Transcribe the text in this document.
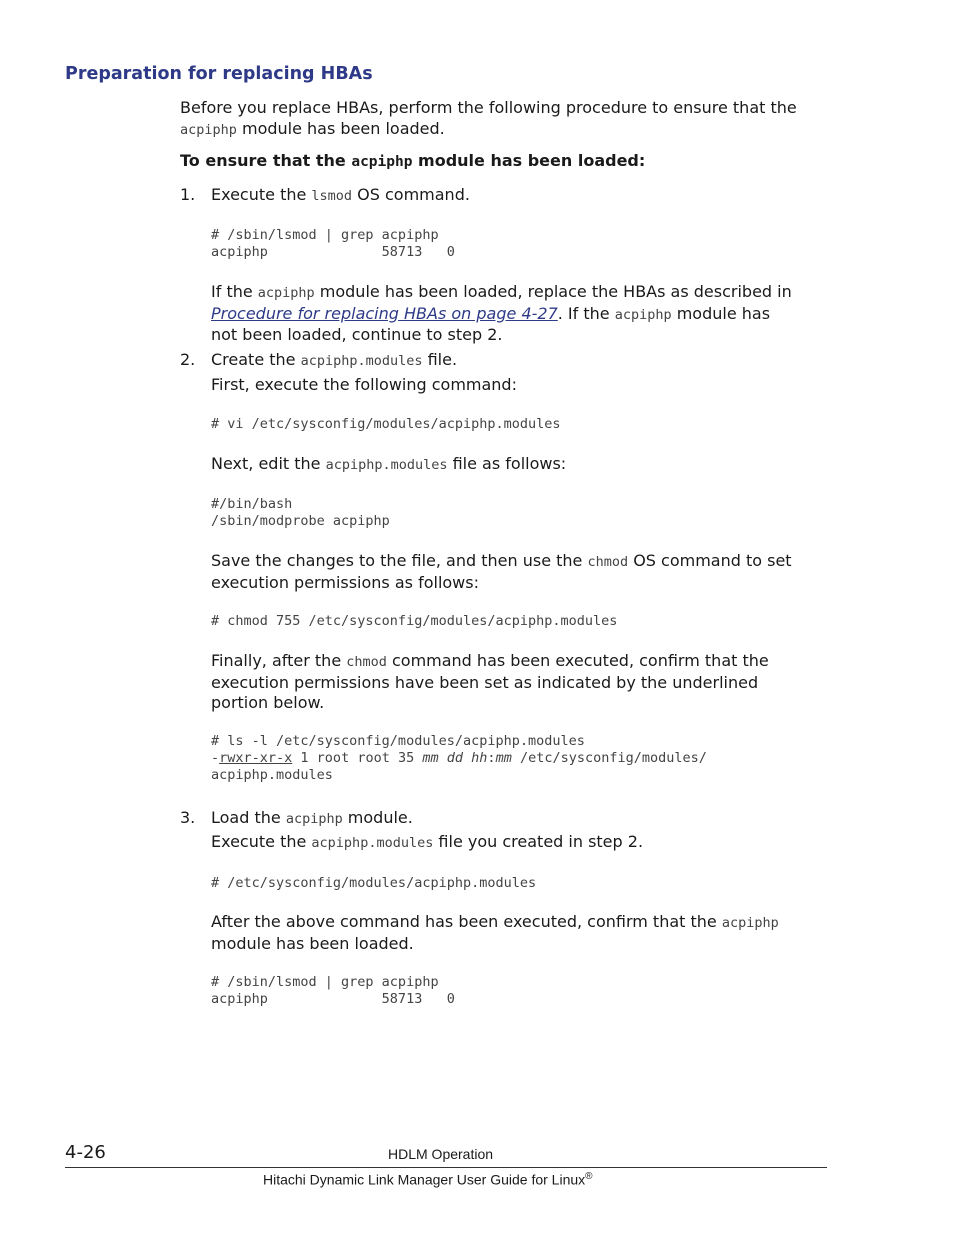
Preparation for replacing HBAs
Before you replace HBAs, perform the following procedure to ensure that the
acpiphp module has been loaded.
To ensure that the acpiphp module has been loaded:
1. Execute the lsmod OS command.
# /sbin/lsmod | grep acpiphp
acpiphp              58713   0
If the acpiphp module has been loaded, replace the HBAs as described in
Procedure for replacing HBAs on page 4-27. If the acpiphp module has
not been loaded, continue to step 2.
2. Create the acpiphp.modules file.
First, execute the following command:
# vi /etc/sysconfig/modules/acpiphp.modules
Next, edit the acpiphp.modules file as follows:
#/bin/bash
/sbin/modprobe acpiphp
Save the changes to the file, and then use the chmod OS command to set
execution permissions as follows:
# chmod 755 /etc/sysconfig/modules/acpiphp.modules
Finally, after the chmod command has been executed, confirm that the
execution permissions have been set as indicated by the underlined
portion below.
# ls -l /etc/sysconfig/modules/acpiphp.modules
-rwxr-xr-x 1 root root 35 mm dd hh:mm /etc/sysconfig/modules/
acpiphp.modules
3. Load the acpiphp module.
Execute the acpiphp.modules file you created in step 2.
# /etc/sysconfig/modules/acpiphp.modules
After the above command has been executed, confirm that the acpiphp
module has been loaded.
# /sbin/lsmod | grep acpiphp
acpiphp              58713   0
4-26	HDLM Operation
Hitachi Dynamic Link Manager User Guide for Linux®
